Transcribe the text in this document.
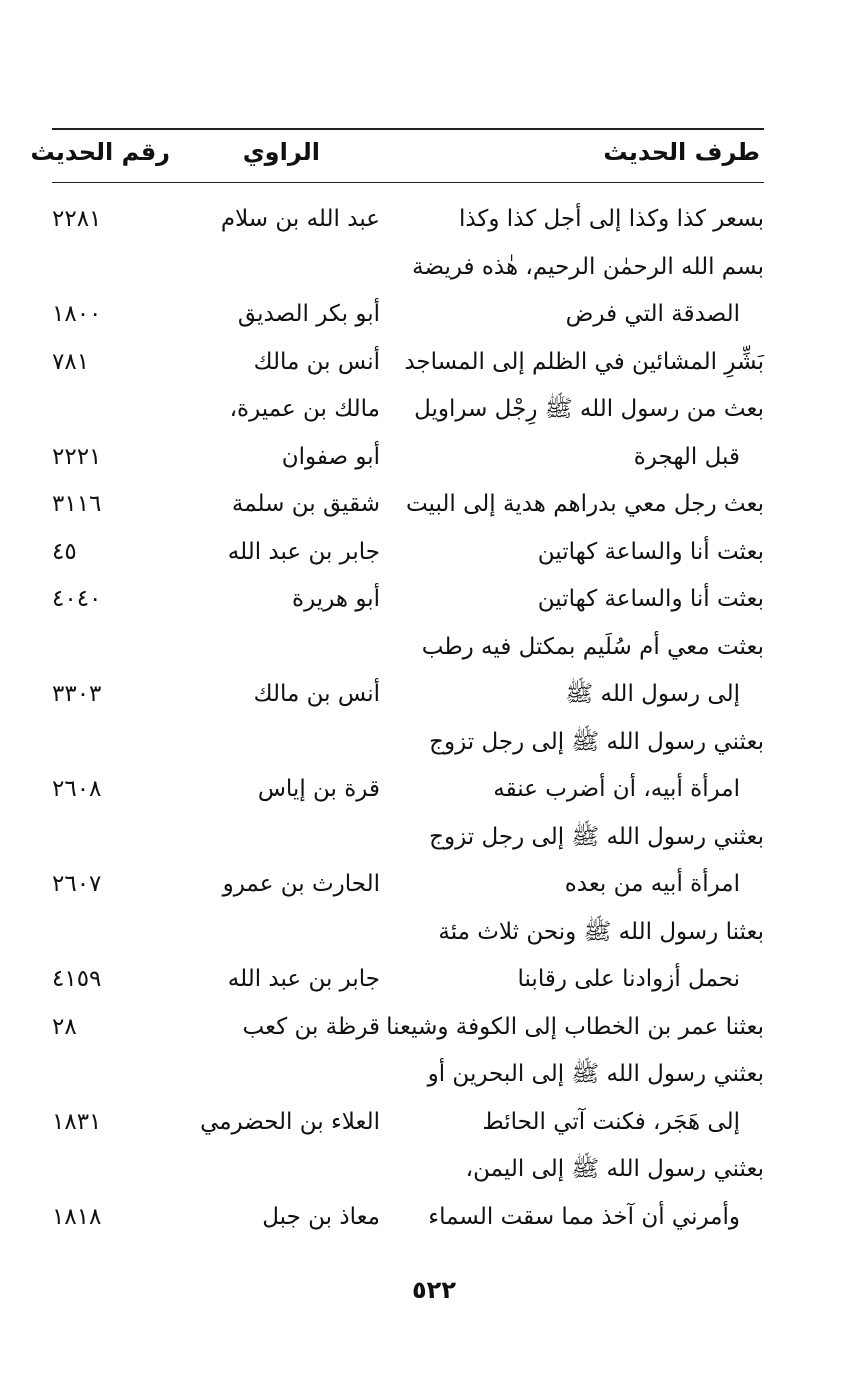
طرف الحديث
الراوي
رقم الحديث
بسعر كذا وكذا إلى أجل كذا وكذا
عبد الله بن سلام
٢٢٨١
بسم الله الرحمٰن الرحيم، هٰذه فريضة
الصدقة التي فرض
أبو بكر الصديق
١٨٠٠
بَشِّرِ المشائين في الظلم إلى المساجد
أنس بن مالك
٧٨١
بعث من رسول الله ﷺ رِجْل سراويل
مالك بن عميرة،
قبل الهجرة
أبو صفوان
٢٢٢١
بعث رجل معي بدراهم هدية إلى البيت
شقيق بن سلمة
٣١١٦
بعثت أنا والساعة كهاتين
جابر بن عبد الله
٤٥
بعثت أنا والساعة كهاتين
أبو هريرة
٤٠٤٠
بعثت معي أم سُلَيم بمكتل فيه رطب
إلى رسول الله ﷺ
أنس بن مالك
٣٣٠٣
بعثني رسول الله ﷺ إلى رجل تزوج
امرأة أبيه، أن أضرب عنقه
قرة بن إياس
٢٦٠٨
بعثني رسول الله ﷺ إلى رجل تزوج
امرأة أبيه من بعده
الحارث بن عمرو
٢٦٠٧
بعثنا رسول الله ﷺ ونحن ثلاث مئة
نحمل أزوادنا على رقابنا
جابر بن عبد الله
٤١٥٩
بعثنا عمر بن الخطاب إلى الكوفة وشيعنا
قرظة بن كعب
٢٨
بعثني رسول الله ﷺ إلى البحرين أو
إلى هَجَر، فكنت آتي الحائط
العلاء بن الحضرمي
١٨٣١
بعثني رسول الله ﷺ إلى اليمن،
وأمرني أن آخذ مما سقت السماء
معاذ بن جبل
١٨١٨
٥٢٢
